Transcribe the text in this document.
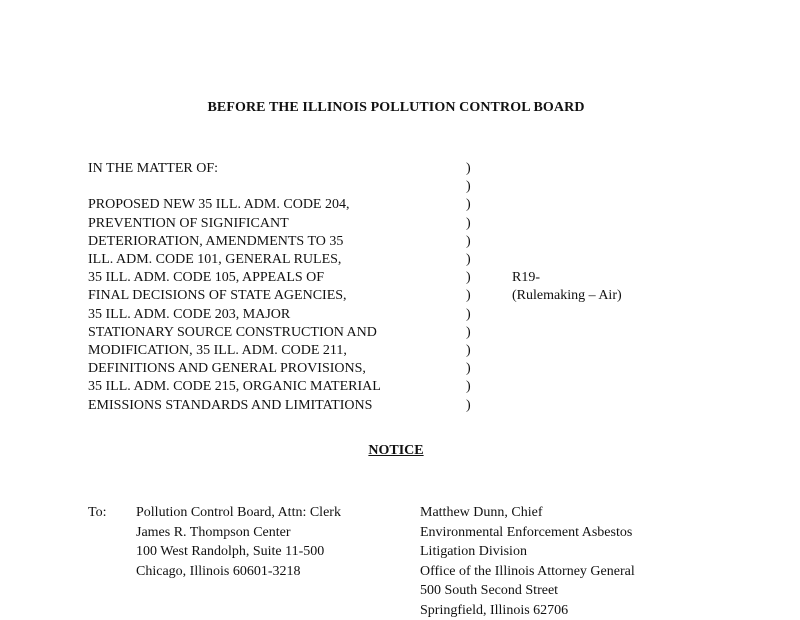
BEFORE THE ILLINOIS POLLUTION CONTROL BOARD
IN THE MATTER OF:
PROPOSED NEW 35 ILL. ADM. CODE 204,
PREVENTION OF SIGNIFICANT
DETERIORATION, AMENDMENTS TO 35
ILL. ADM. CODE 101, GENERAL RULES,
35 ILL. ADM. CODE 105, APPEALS OF
FINAL DECISIONS OF STATE AGENCIES,
35 ILL. ADM. CODE 203, MAJOR
STATIONARY SOURCE CONSTRUCTION AND
MODIFICATION, 35 ILL. ADM. CODE 211,
DEFINITIONS AND GENERAL PROVISIONS,
35 ILL. ADM. CODE 215, ORGANIC MATERIAL
EMISSIONS STANDARDS AND LIMITATIONS
)
)
)
)
)
)
)
)
)
)
)
)
)
)
R19-
(Rulemaking – Air)
NOTICE
To: Pollution Control Board, Attn: Clerk
James R. Thompson Center
100 West Randolph, Suite 11-500
Chicago, Illinois 60601-3218
Matthew Dunn, Chief
Environmental Enforcement Asbestos
Litigation Division
Office of the Illinois Attorney General
500 South Second Street
Springfield, Illinois 62706
